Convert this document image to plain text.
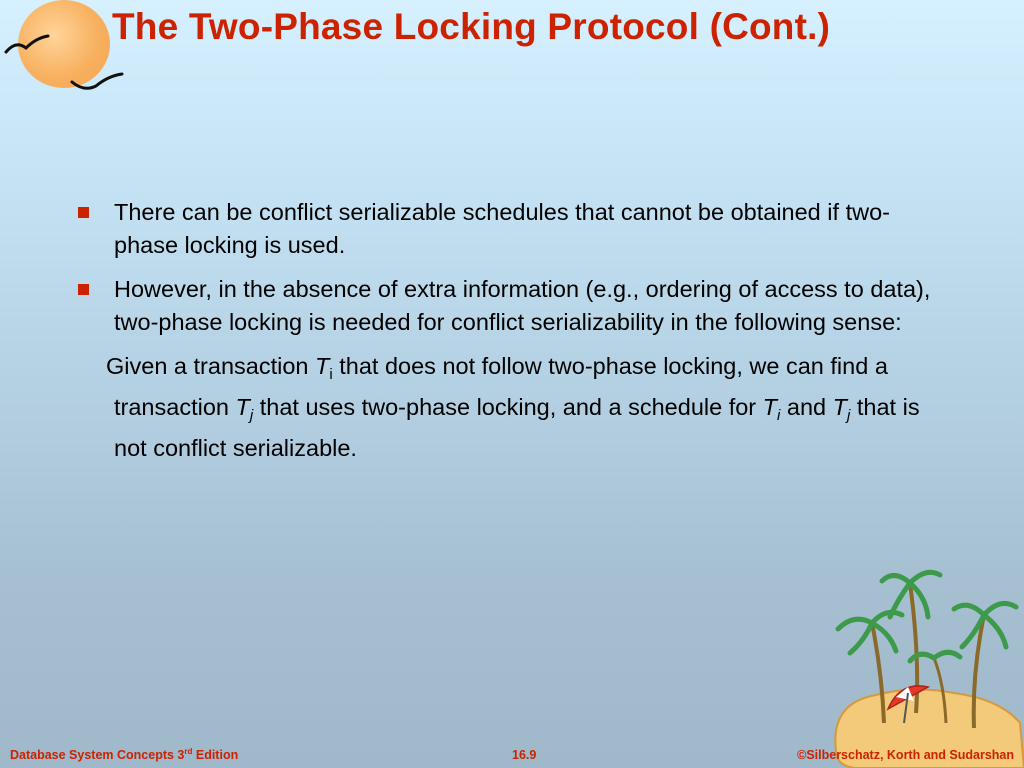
The Two-Phase Locking Protocol (Cont.)
There can be conflict serializable schedules that cannot be obtained if two-phase locking is used.
However, in the absence of extra information (e.g., ordering of access to data), two-phase locking is needed for conflict serializability in the following sense:
Given a transaction $T_i$ that does not follow two-phase locking, we can find a transaction $T_j$ that uses two-phase locking, and a schedule for $T_i$ and $T_j$ that is not conflict serializable.
Database System Concepts 3rd Edition	16.9	©Silberschatz, Korth and Sudarshan
